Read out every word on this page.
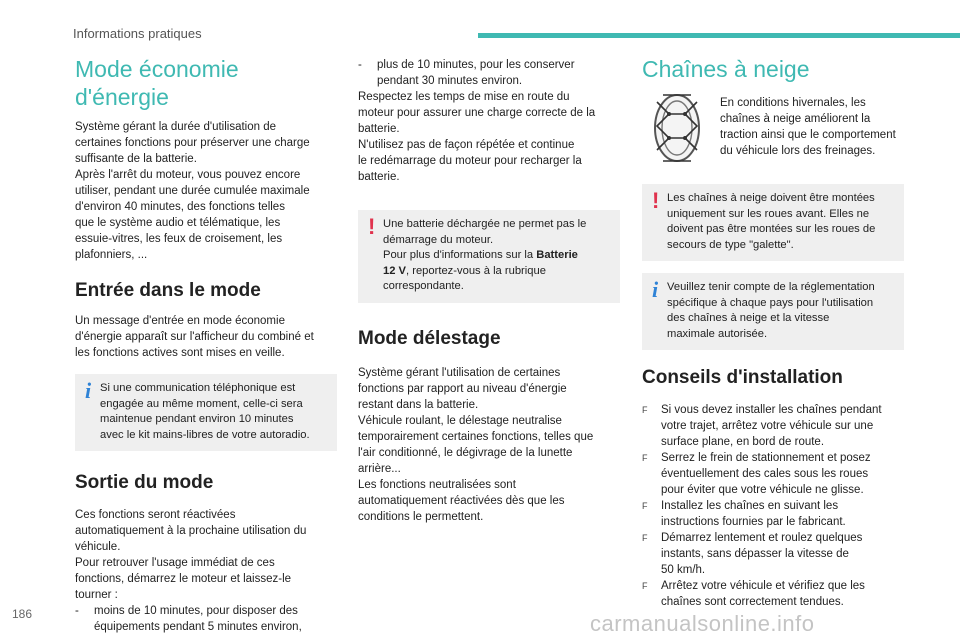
Informations pratiques
Mode économie d'énergie
Système gérant la durée d'utilisation de
certaines fonctions pour préserver une charge
suffisante de la batterie.
Après l'arrêt du moteur, vous pouvez encore
utiliser, pendant une durée cumulée maximale
d'environ 40 minutes, des fonctions telles
que le système audio et télématique, les
essuie-vitres, les feux de croisement, les
plafonniers, ...
Entrée dans le mode
Un message d'entrée en mode économie
d'énergie apparaît sur l'afficheur du combiné et
les fonctions actives sont mises en veille.
i Si une communication téléphonique est
engagée au même moment, celle-ci sera
maintenue pendant environ 10 minutes
avec le kit mains-libres de votre autoradio.
Sortie du mode
Ces fonctions seront réactivées
automatiquement à la prochaine utilisation du
véhicule.
Pour retrouver l'usage immédiat de ces
fonctions, démarrez le moteur et laissez-le
tourner :
-	moins de 10 minutes, pour disposer des
équipements pendant 5 minutes environ,
-	plus de 10 minutes, pour les conserver
pendant 30 minutes environ.
Respectez les temps de mise en route du
moteur pour assurer une charge correcte de la
batterie.
N'utilisez pas de façon répétée et continue
le redémarrage du moteur pour recharger la
batterie.
! Une batterie déchargée ne permet pas le
démarrage du moteur.
Pour plus d'informations sur la Batterie
12 V, reportez-vous à la rubrique
correspondante.
Mode délestage
Système gérant l'utilisation de certaines
fonctions par rapport au niveau d'énergie
restant dans la batterie.
Véhicule roulant, le délestage neutralise
temporairement certaines fonctions, telles que
l'air conditionné, le dégivrage de la lunette
arrière...
Les fonctions neutralisées sont
automatiquement réactivées dès que les
conditions le permettent.
Chaînes à neige
En conditions hivernales, les
chaînes à neige améliorent la
traction ainsi que le comportement
du véhicule lors des freinages.
! Les chaînes à neige doivent être montées
uniquement sur les roues avant. Elles ne
doivent pas être montées sur les roues de
secours de type "galette".
i Veuillez tenir compte de la réglementation
spécifique à chaque pays pour l'utilisation
des chaînes à neige et la vitesse
maximale autorisée.
Conseils d'installation
F	Si vous devez installer les chaînes pendant
votre trajet, arrêtez votre véhicule sur une
surface plane, en bord de route.
F	Serrez le frein de stationnement et posez
éventuellement des cales sous les roues
pour éviter que votre véhicule ne glisse.
F	Installez les chaînes en suivant les
instructions fournies par le fabricant.
F	Démarrez lentement et roulez quelques
instants, sans dépasser la vitesse de
50 km/h.
F	Arrêtez votre véhicule et vérifiez que les
chaînes sont correctement tendues.
186	carmanualsonline.info
